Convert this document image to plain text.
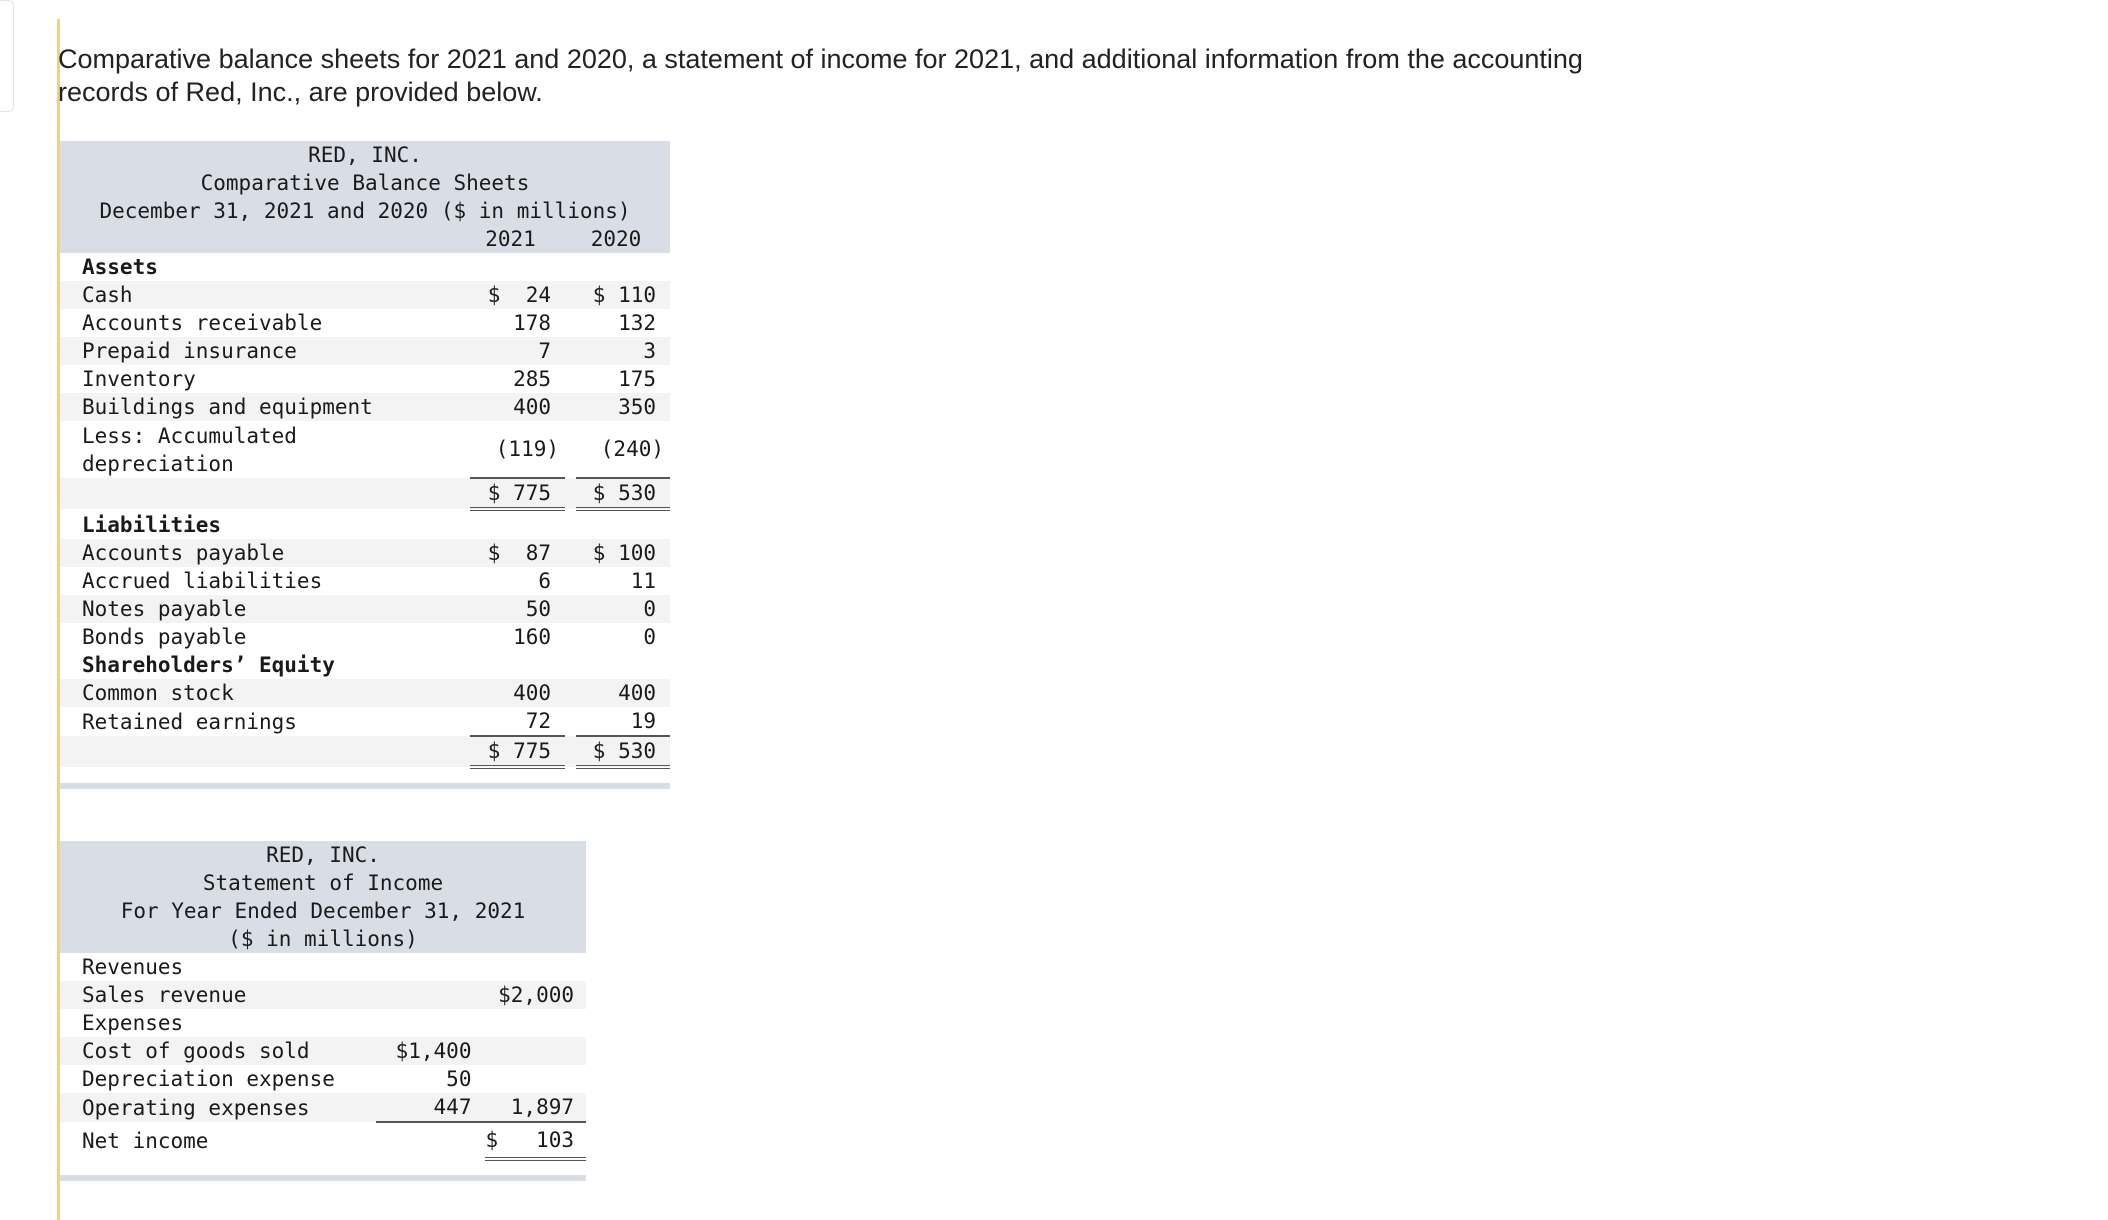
Comparative balance sheets for 2021 and 2020, a statement of income for 2021, and additional information from the accounting records of Red, Inc., are provided below.
RED, INC.			
Comparative Balance Sheets			
December 31, 2021 and 2020 ($ in millions)			
	2021		2020
Assets			
Cash	$  24		$ 110
Accounts receivable	178		132
Prepaid insurance	7		3
Inventory	285		175
Buildings and equipment	400		350
Less: Accumulated depreciation	(119)		(240)
	$ 775		$ 530
Liabilities			
Accounts payable	$  87		$ 100
Accrued liabilities	6		11
Notes payable	50		0
Bonds payable	160		0
Shareholders’ Equity			
Common stock	400		400
Retained earnings	72		19
	$ 775		$ 530

RED, INC.		
Statement of Income		
For Year Ended December 31, 2021		
($ in millions)		
Revenues		
Sales revenue		$2,000
Expenses		
Cost of goods sold	$1,400	
Depreciation expense	50	
Operating expenses	447	1,897
Net income		$   103
